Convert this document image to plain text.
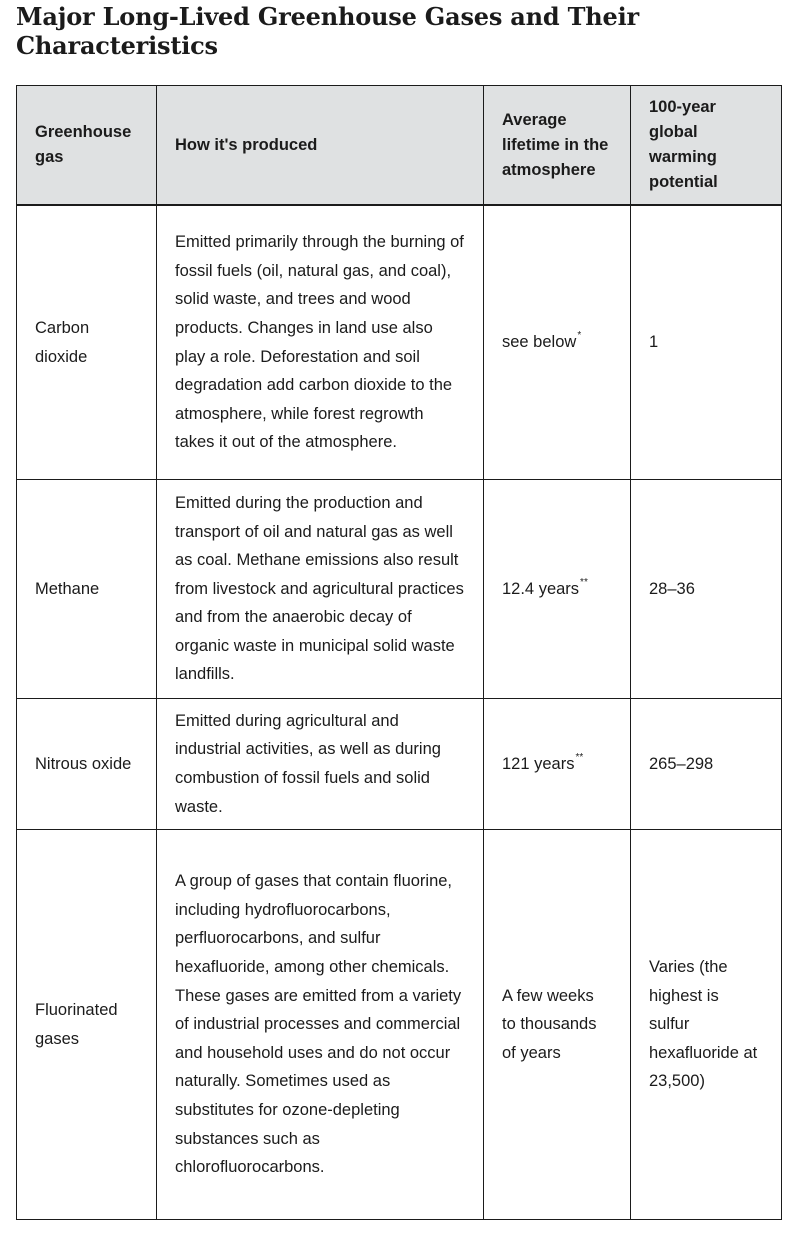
Major Long-Lived Greenhouse Gases and Their Characteristics
Greenhouse gas	How it's produced	Average lifetime in the atmosphere	100-year global warming potential
Carbon dioxide	Emitted primarily through the burning of fossil fuels (oil, natural gas, and coal), solid waste, and trees and wood products. Changes in land use also play a role. Deforestation and soil degradation add carbon dioxide to the atmosphere, while forest regrowth takes it out of the atmosphere.	see below*	1
Methane	Emitted during the production and transport of oil and natural gas as well as coal. Methane emissions also result from livestock and agricultural practices and from the anaerobic decay of organic waste in municipal solid waste landfills.	12.4 years**	28–36
Nitrous oxide	Emitted during agricultural and industrial activities, as well as during combustion of fossil fuels and solid waste.	121 years**	265–298
Fluorinated gases	A group of gases that contain fluorine, including hydrofluorocarbons, perfluorocarbons, and sulfur hexafluoride, among other chemicals. These gases are emitted from a variety of industrial processes and commercial and household uses and do not occur naturally. Sometimes used as substitutes for ozone-depleting substances such as chlorofluorocarbons.	A few weeks to thousands of years	Varies (the highest is sulfur hexafluoride at 23,500)
